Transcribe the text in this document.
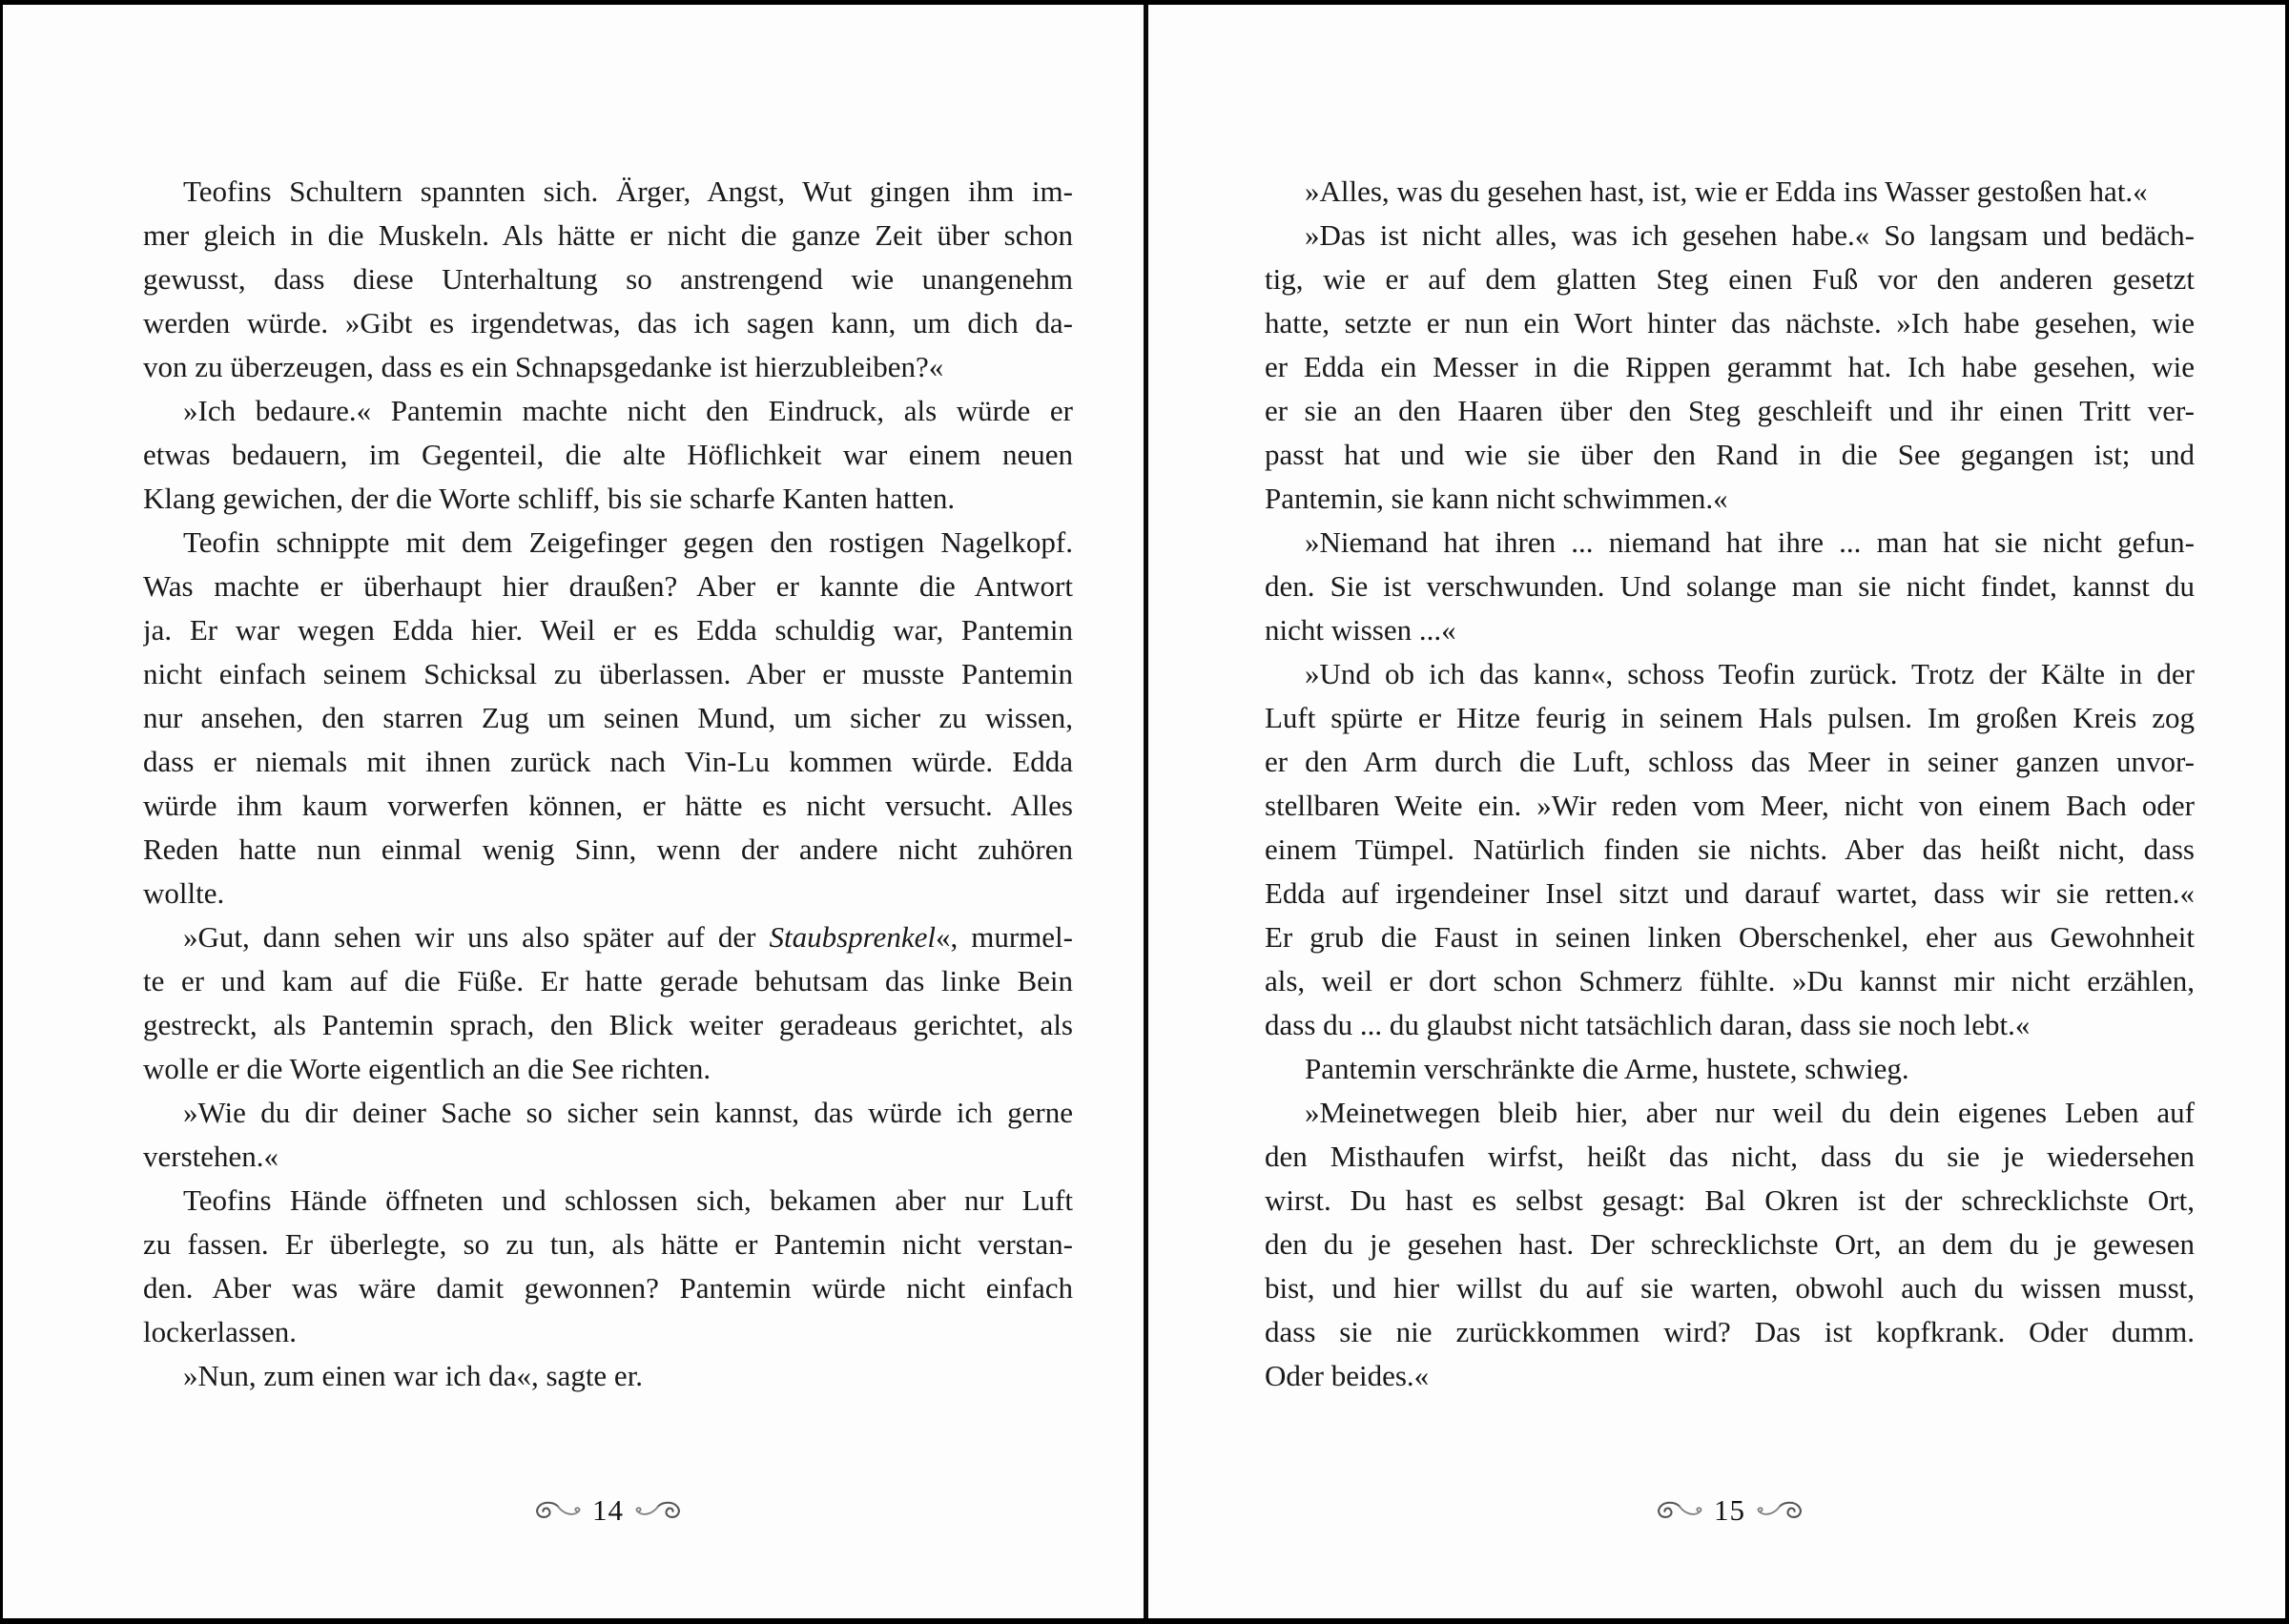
Teofins Schultern spannten sich. Ärger, Angst, Wut gingen ihm im-
mer gleich in die Muskeln. Als hätte er nicht die ganze Zeit über schon
gewusst, dass diese Unterhaltung so anstrengend wie unangenehm
werden würde. »Gibt es irgendetwas, das ich sagen kann, um dich da-
von zu überzeugen, dass es ein Schnapsgedanke ist hierzubleiben?«
»Ich bedaure.« Pantemin machte nicht den Eindruck, als würde er
etwas bedauern, im Gegenteil, die alte Höflichkeit war einem neuen
Klang gewichen, der die Worte schliff, bis sie scharfe Kanten hatten.
Teofin schnippte mit dem Zeigefinger gegen den rostigen Nagelkopf.
Was machte er überhaupt hier draußen? Aber er kannte die Antwort
ja. Er war wegen Edda hier. Weil er es Edda schuldig war, Pantemin
nicht einfach seinem Schicksal zu überlassen. Aber er musste Pantemin
nur ansehen, den starren Zug um seinen Mund, um sicher zu wissen,
dass er niemals mit ihnen zurück nach Vin-Lu kommen würde. Edda
würde ihm kaum vorwerfen können, er hätte es nicht versucht. Alles
Reden hatte nun einmal wenig Sinn, wenn der andere nicht zuhören
wollte.
»Gut, dann sehen wir uns also später auf der Staubsprenkel«, murmel-
te er und kam auf die Füße. Er hatte gerade behutsam das linke Bein
gestreckt, als Pantemin sprach, den Blick weiter geradeaus gerichtet, als
wolle er die Worte eigentlich an die See richten.
»Wie du dir deiner Sache so sicher sein kannst, das würde ich gerne
verstehen.«
Teofins Hände öffneten und schlossen sich, bekamen aber nur Luft
zu fassen. Er überlegte, so zu tun, als hätte er Pantemin nicht verstan-
den. Aber was wäre damit gewonnen? Pantemin würde nicht einfach
lockerlassen.
»Nun, zum einen war ich da«, sagte er.
14
»Alles, was du gesehen hast, ist, wie er Edda ins Wasser gestoßen hat.«
»Das ist nicht alles, was ich gesehen habe.« So langsam und bedäch-
tig, wie er auf dem glatten Steg einen Fuß vor den anderen gesetzt
hatte, setzte er nun ein Wort hinter das nächste. »Ich habe gesehen, wie
er Edda ein Messer in die Rippen gerammt hat. Ich habe gesehen, wie
er sie an den Haaren über den Steg geschleift und ihr einen Tritt ver-
passt hat und wie sie über den Rand in die See gegangen ist; und
Pantemin, sie kann nicht schwimmen.«
»Niemand hat ihren ... niemand hat ihre ... man hat sie nicht gefun-
den. Sie ist verschwunden. Und solange man sie nicht findet, kannst du
nicht wissen ...«
»Und ob ich das kann«, schoss Teofin zurück. Trotz der Kälte in der
Luft spürte er Hitze feurig in seinem Hals pulsen. Im großen Kreis zog
er den Arm durch die Luft, schloss das Meer in seiner ganzen unvor-
stellbaren Weite ein. »Wir reden vom Meer, nicht von einem Bach oder
einem Tümpel. Natürlich finden sie nichts. Aber das heißt nicht, dass
Edda auf irgendeiner Insel sitzt und darauf wartet, dass wir sie retten.«
Er grub die Faust in seinen linken Oberschenkel, eher aus Gewohnheit
als, weil er dort schon Schmerz fühlte. »Du kannst mir nicht erzählen,
dass du ... du glaubst nicht tatsächlich daran, dass sie noch lebt.«
Pantemin verschränkte die Arme, hustete, schwieg.
»Meinetwegen bleib hier, aber nur weil du dein eigenes Leben auf
den Misthaufen wirfst, heißt das nicht, dass du sie je wiedersehen
wirst. Du hast es selbst gesagt: Bal Okren ist der schrecklichste Ort,
den du je gesehen hast. Der schrecklichste Ort, an dem du je gewesen
bist, und hier willst du auf sie warten, obwohl auch du wissen musst,
dass sie nie zurückkommen wird? Das ist kopfkrank. Oder dumm.
Oder beides.«
15
